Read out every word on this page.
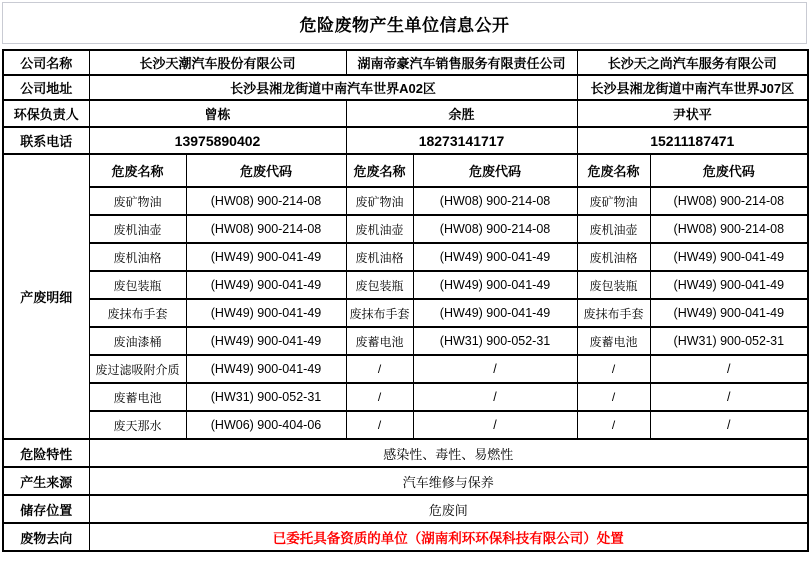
危险废物产生单位信息公开
公司名称	长沙天潮汽车股份有限公司		湖南帝豪汽车销售服务有限责任公司		长沙天之尚汽车服务有限公司	
公司地址	长沙县湘龙街道中南汽车世界A02区				长沙县湘龙街道中南汽车世界J07区	
环保负责人	曾栋		余胜		尹状平	
联系电话	13975890402		18273141717		15211187471	
产废明细	危废名称	危废代码	危废名称	危废代码	危废名称	危废代码
	废矿物油	(HW08) 900-214-08	废矿物油	(HW08) 900-214-08	废矿物油	(HW08) 900-214-08
	废机油壶	(HW08) 900-214-08	废机油壶	(HW08) 900-214-08	废机油壶	(HW08) 900-214-08
	废机油格	(HW49) 900-041-49	废机油格	(HW49) 900-041-49	废机油格	(HW49) 900-041-49
	废包装瓶	(HW49) 900-041-49	废包装瓶	(HW49) 900-041-49	废包装瓶	(HW49) 900-041-49
	废抹布手套	(HW49) 900-041-49	废抹布手套	(HW49) 900-041-49	废抹布手套	(HW49) 900-041-49
	废油漆桶	(HW49) 900-041-49	废蓄电池	(HW31) 900-052-31	废蓄电池	(HW31) 900-052-31
	废过滤吸附介质	(HW49) 900-041-49	/	/	/	/
	废蓄电池	(HW31) 900-052-31	/	/	/	/
	废天那水	(HW06) 900-404-06	/	/	/	/
危险特性	感染性、毒性、易燃性					
产生来源	汽车维修与保养					
储存位置	危废间					
废物去向	已委托具备资质的单位（湖南利环环保科技有限公司）处置					
